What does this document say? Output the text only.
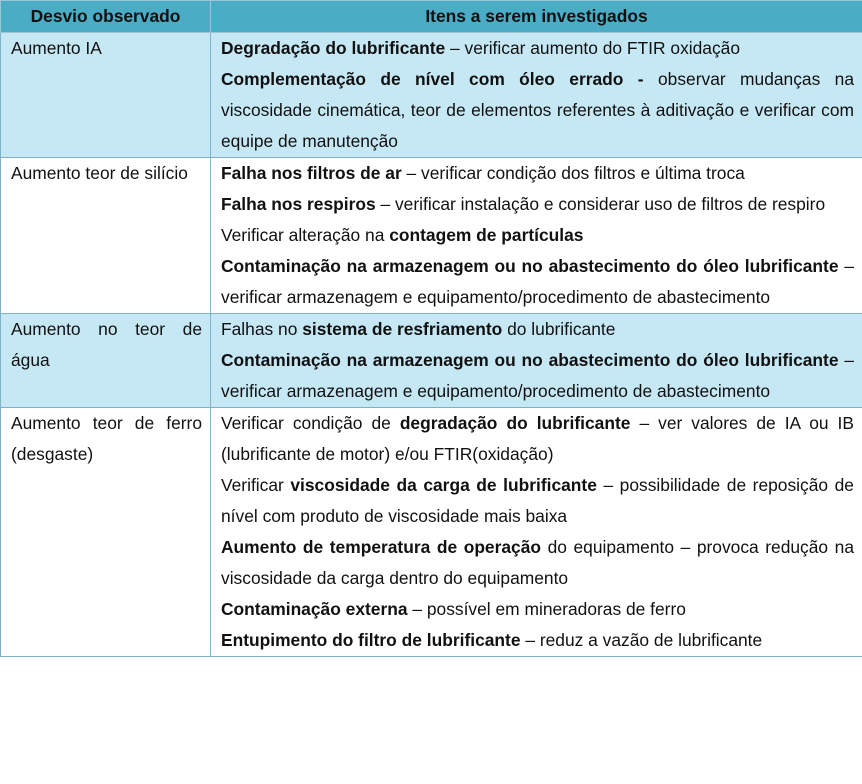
Desvio observado	Itens a serem investigados
Aumento IA	Degradação do lubrificante – verificar aumento do FTIR oxidação

Complementação de nível com óleo errado - observar mudanças na viscosidade cinemática, teor de elementos referentes à aditivação e verificar com equipe de manutenção

Aumento teor de silício	Falha nos filtros de ar – verificar condição dos filtros e última troca

Falha nos respiros – verificar instalação e considerar uso de filtros de respiro

Verificar alteração na contagem de partículas

Contaminação na armazenagem ou no abastecimento do óleo lubrificante – verificar armazenagem e equipamento/procedimento de abastecimento

Aumento no teor de água	Falhas no sistema de resfriamento do lubrificante

Contaminação na armazenagem ou no abastecimento do óleo lubrificante – verificar armazenagem e equipamento/procedimento de abastecimento

Aumento teor de ferro (desgaste)	Verificar condição de degradação do lubrificante – ver valores de IA ou IB (lubrificante de motor) e/ou FTIR(oxidação)

Verificar viscosidade da carga de lubrificante – possibilidade de reposição de nível com produto de viscosidade mais baixa

Aumento de temperatura de operação do equipamento – provoca redução na viscosidade da carga dentro do equipamento

Contaminação externa – possível em mineradoras de ferro

Entupimento do filtro de lubrificante – reduz a vazão de lubrificante
